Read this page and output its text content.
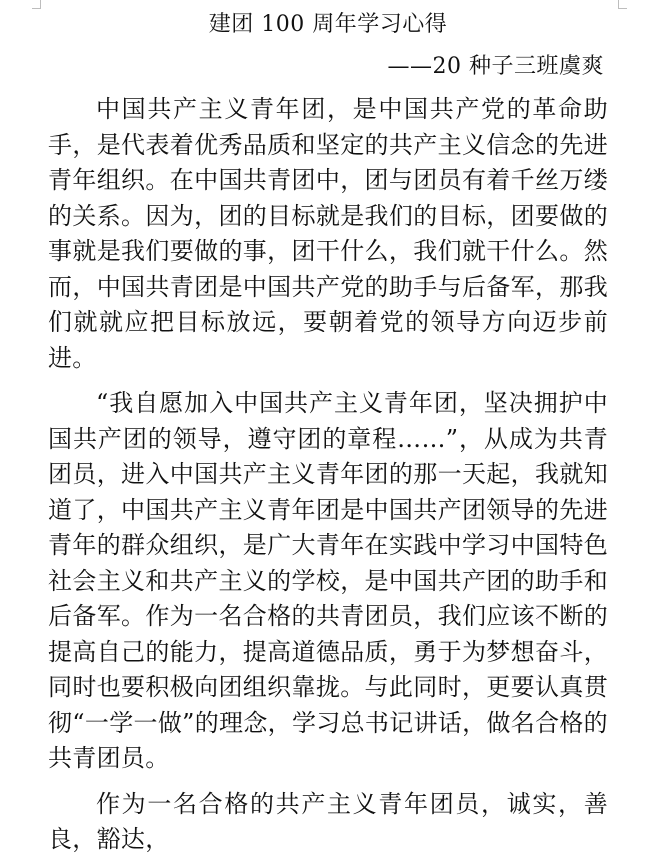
建团 100 周年学习心得

——20 种子三班虞爽

中国共产主义青年团，是中国共产党的革命助手，是代表着优秀品质和坚定的共产主义信念的先进青年组织。在中国共青团中，团与团员有着千丝万缕的关系。因为，团的目标就是我们的目标，团要做的事就是我们要做的事，团干什么，我们就干什么。然而，中国共青团是中国共产党的助手与后备军，那我们就就应把目标放远，要朝着党的领导方向迈步前进。

“我自愿加入中国共产主义青年团，坚决拥护中国共产团的领导，遵守团的章程……”，从成为共青团员，进入中国共产主义青年团的那一天起，我就知道了，中国共产主义青年团是中国共产团领导的先进青年的群众组织，是广大青年在实践中学习中国特色社会主义和共产主义的学校，是中国共产团的助手和后备军。作为一名合格的共青团员，我们应该不断的提高自己的能力，提高道德品质，勇于为梦想奋斗，同时也要积极向团组织靠拢。与此同时，更要认真贯彻“一学一做”的理念，学习总书记讲话，做名合格的共青团员。

作为一名合格的共产主义青年团员，诚实，善良，豁达，
